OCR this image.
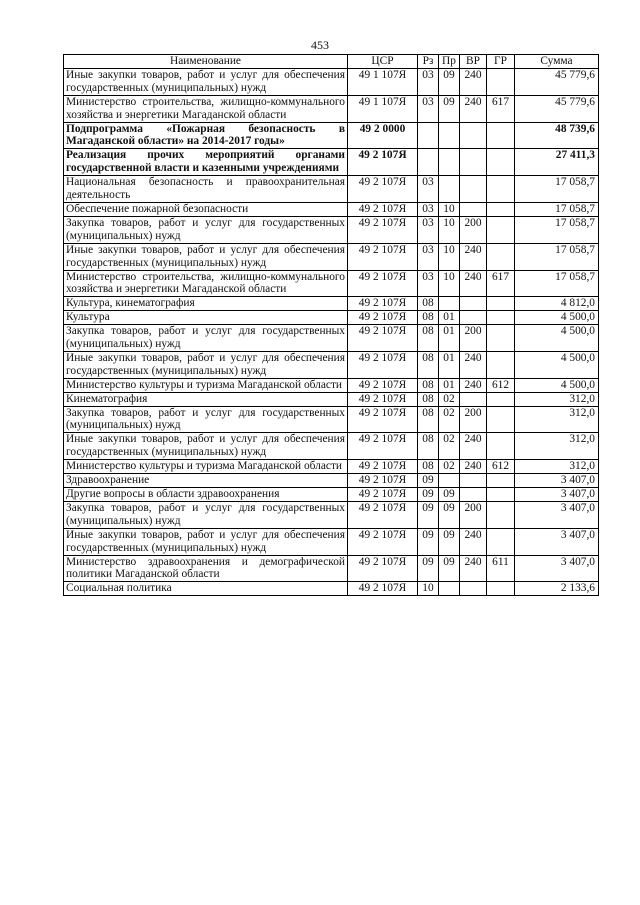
453
Наименование	ЦСР	Рз	Пр	ВР	ГР	Сумма
Иные закупки товаров, работ и услуг для обеспечения государственных (муниципальных) нужд	49 1 107Я	03	09	240		45 779,6
Министерство строительства, жилищно-коммунального хозяйства и энергетики Магаданской области	49 1 107Я	03	09	240	617	45 779,6
Подпрограмма «Пожарная безопасность в Магаданской области» на 2014-2017 годы»	49 2 0000					48 739,6
Реализация прочих мероприятий органами государственной власти и казенными учреждениями	49 2 107Я					27 411,3
Национальная безопасность и правоохранительная деятельность	49 2 107Я	03				17 058,7
Обеспечение пожарной безопасности	49 2 107Я	03	10			17 058,7
Закупка товаров, работ и услуг для государственных (муниципальных) нужд	49 2 107Я	03	10	200		17 058,7
Иные закупки товаров, работ и услуг для обеспечения государственных (муниципальных) нужд	49 2 107Я	03	10	240		17 058,7
Министерство строительства, жилищно-коммунального хозяйства и энергетики Магаданской области	49 2 107Я	03	10	240	617	17 058,7
Культура, кинематография	49 2 107Я	08				4 812,0
Культура	49 2 107Я	08	01			4 500,0
Закупка товаров, работ и услуг для государственных (муниципальных) нужд	49 2 107Я	08	01	200		4 500,0
Иные закупки товаров, работ и услуг для обеспечения государственных (муниципальных) нужд	49 2 107Я	08	01	240		4 500,0
Министерство культуры и туризма Магаданской области	49 2 107Я	08	01	240	612	4 500,0
Кинематография	49 2 107Я	08	02			312,0
Закупка товаров, работ и услуг для государственных (муниципальных) нужд	49 2 107Я	08	02	200		312,0
Иные закупки товаров, работ и услуг для обеспечения государственных (муниципальных) нужд	49 2 107Я	08	02	240		312,0
Министерство культуры и туризма Магаданской области	49 2 107Я	08	02	240	612	312,0
Здравоохранение	49 2 107Я	09				3 407,0
Другие вопросы в области здравоохранения	49 2 107Я	09	09			3 407,0
Закупка товаров, работ и услуг для государственных (муниципальных) нужд	49 2 107Я	09	09	200		3 407,0
Иные закупки товаров, работ и услуг для обеспечения государственных (муниципальных) нужд	49 2 107Я	09	09	240		3 407,0
Министерство здравоохранения и демографической политики Магаданской области	49 2 107Я	09	09	240	611	3 407,0
Социальная политика	49 2 107Я	10				2 133,6
